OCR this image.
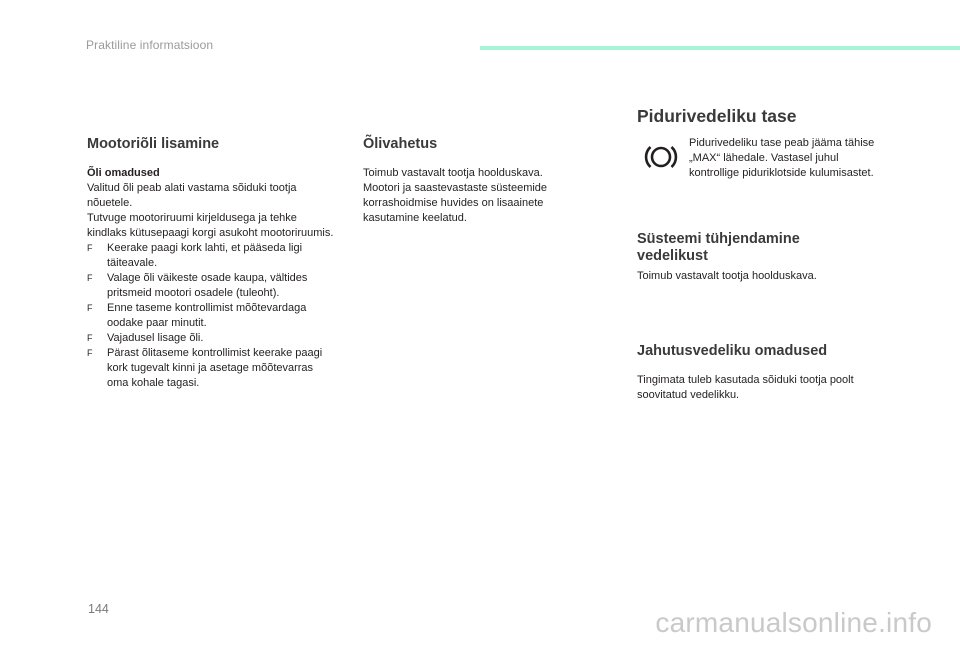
Praktiline informatsioon
Mootoriõli lisamine
Õli omadused
Valitud õli peab alati vastama sõiduki tootja nõuetele.
Tutvuge mootoriruumi kirjeldusega ja tehke kindlaks kütusepaagi korgi asukoht mootoriruumis.
F Keerake paagi kork lahti, et pääseda ligi täiteavale.
F Valage õli väikeste osade kaupa, vältides pritsmeid mootori osadele (tuleoht).
F Enne taseme kontrollimist mõõtevardaga oodake paar minutit.
F Vajadusel lisage õli.
F Pärast õlitaseme kontrollimist keerake paagi kork tugevalt kinni ja asetage mõõtevarras oma kohale tagasi.
Õlivahetus
Toimub vastavalt tootja hoolduskava.
Mootori ja saastevastaste süsteemide korrashoidmise huvides on lisaainete kasutamine keelatud.
Pidurivedeliku tase
Pidurivedeliku tase peab jääma tähise „MAX“ lähedale. Vastasel juhul kontrollige piduriklotside kulumisastet.
Süsteemi tühjendamine vedelikust
Toimub vastavalt tootja hoolduskava.
Jahutusvedeliku omadused
Tingimata tuleb kasutada sõiduki tootja poolt soovitatud vedelikku.
144	carmanualsonline.info
